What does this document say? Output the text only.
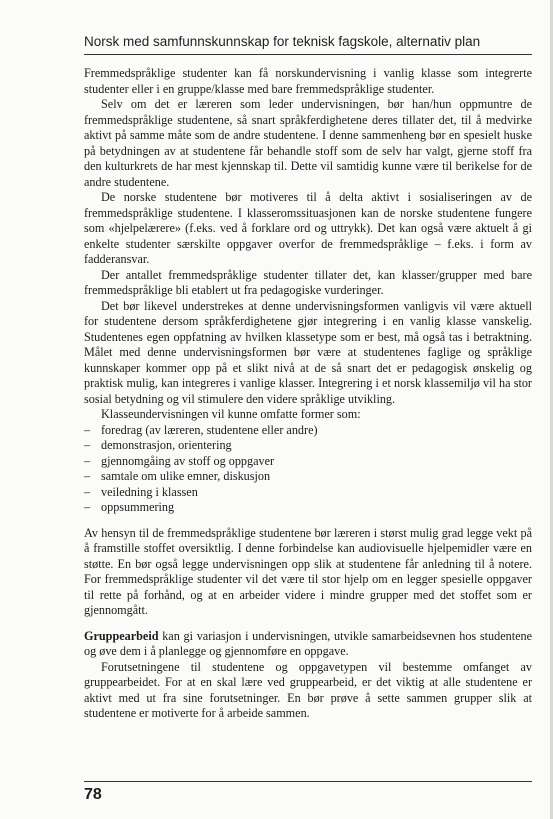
Norsk med samfunnskunnskap for teknisk fagskole, alternativ plan

Fremmedspråklige studenter kan få norskundervisning i vanlig klasse som integrerte studenter eller i en gruppe/klasse med bare fremmedspråklige studenter.

Selv om det er læreren som leder undervisningen, bør han/hun oppmuntre de fremmedspråklige studentene, så snart språkferdighetene deres tillater det, til å medvirke aktivt på samme måte som de andre studentene. I denne sammenheng bør en spesielt huske på betydningen av at studentene får behandle stoff som de selv har valgt, gjerne stoff fra den kulturkrets de har mest kjennskap til. Dette vil samtidig kunne være til berikelse for de andre studentene.

De norske studentene bør motiveres til å delta aktivt i sosialiseringen av de fremmedspråklige studentene. I klasseromssituasjonen kan de norske studentene fungere som «hjelpelærere» (f.eks. ved å forklare ord og uttrykk). Det kan også være aktuelt å gi enkelte studenter særskilte oppgaver overfor de fremmedspråklige – f.eks. i form av fadderansvar.

Der antallet fremmedspråklige studenter tillater det, kan klasser/grupper med bare fremmedspråklige bli etablert ut fra pedagogiske vurderinger.

Det bør likevel understrekes at denne undervisningsformen vanligvis vil være aktuell for studentene dersom språkferdighetene gjør integrering i en vanlig klasse vanskelig. Studentenes egen oppfatning av hvilken klassetype som er best, må også tas i betraktning. Målet med denne undervisningsformen bør være at studentenes faglige og språklige kunnskaper kommer opp på et slikt nivå at de så snart det er pedagogisk ønskelig og praktisk mulig, kan integreres i vanlige klasser. Integrering i et norsk klassemiljø vil ha stor sosial betydning og vil stimulere den videre språklige utvikling.

Klasseundervisningen vil kunne omfatte former som:

– foredrag (av læreren, studentene eller andre)
– demonstrasjon, orientering
– gjennomgåing av stoff og oppgaver
– samtale om ulike emner, diskusjon
– veiledning i klassen
– oppsummering

Av hensyn til de fremmedspråklige studentene bør læreren i størst mulig grad legge vekt på å framstille stoffet oversiktlig. I denne forbindelse kan audiovisuelle hjelpemidler være en støtte. En bør også legge undervisningen opp slik at studentene får anledning til å notere. For fremmedspråklige studenter vil det være til stor hjelp om en legger spesielle oppgaver til rette på forhånd, og at en arbeider videre i mindre grupper med det stoffet som er gjennomgått.

Gruppearbeid kan gi variasjon i undervisningen, utvikle samarbeidsevnen hos studentene og øve dem i å planlegge og gjennomføre en oppgave.

Forutsetningene til studentene og oppgavetypen vil bestemme omfanget av gruppearbeidet. For at en skal lære ved gruppearbeid, er det viktig at alle studentene er aktivt med ut fra sine forutsetninger. En bør prøve å sette sammen grupper slik at studentene er motiverte for å arbeide sammen.

78
